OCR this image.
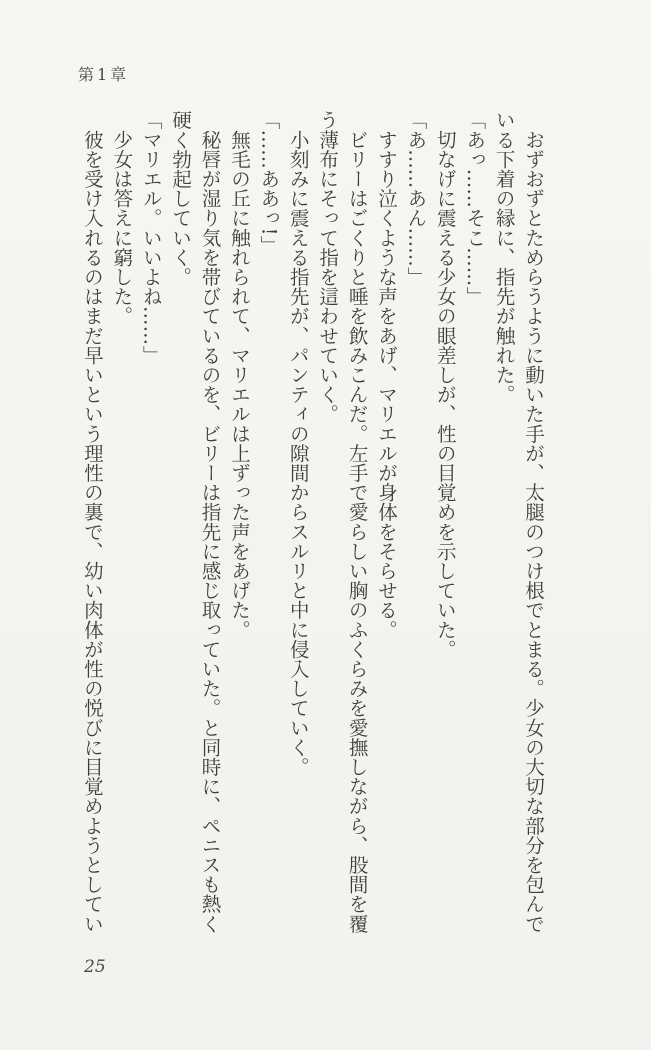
第1章

　おずおずとためらうように動いた手が、太腿のつけ根でとまる。少女の大切な部分を包んでいる下着の縁に、指先が触れた。

「あっ……そこ……」

　切なげに震える少女の眼差しが、性の目覚めを示していた。

「あ……あん……」

　すすり泣くような声をあげ、マリエルが身体をそらせる。

　ビリーはごくりと唾を飲みこんだ。左手で愛らしい胸のふくらみを愛撫しながら、股間を覆う薄布にそって指を這わせていく。

　小刻みに震える指先が、パンティの隙間からスルリと中に侵入していく。

「……ああっ!」

　無毛の丘に触れられて、マリエルは上ずった声をあげた。

　秘唇が湿り気を帯びているのを、ビリーは指先に感じ取っていた。と同時に、ペニスも熱く硬く勃起していく。

「マリエル。いいよね……」

　少女は答えに窮した。

　彼を受け入れるのはまだ早いという理性の裏で、幼い肉体が性の悦びに目覚めようとしてい

25
